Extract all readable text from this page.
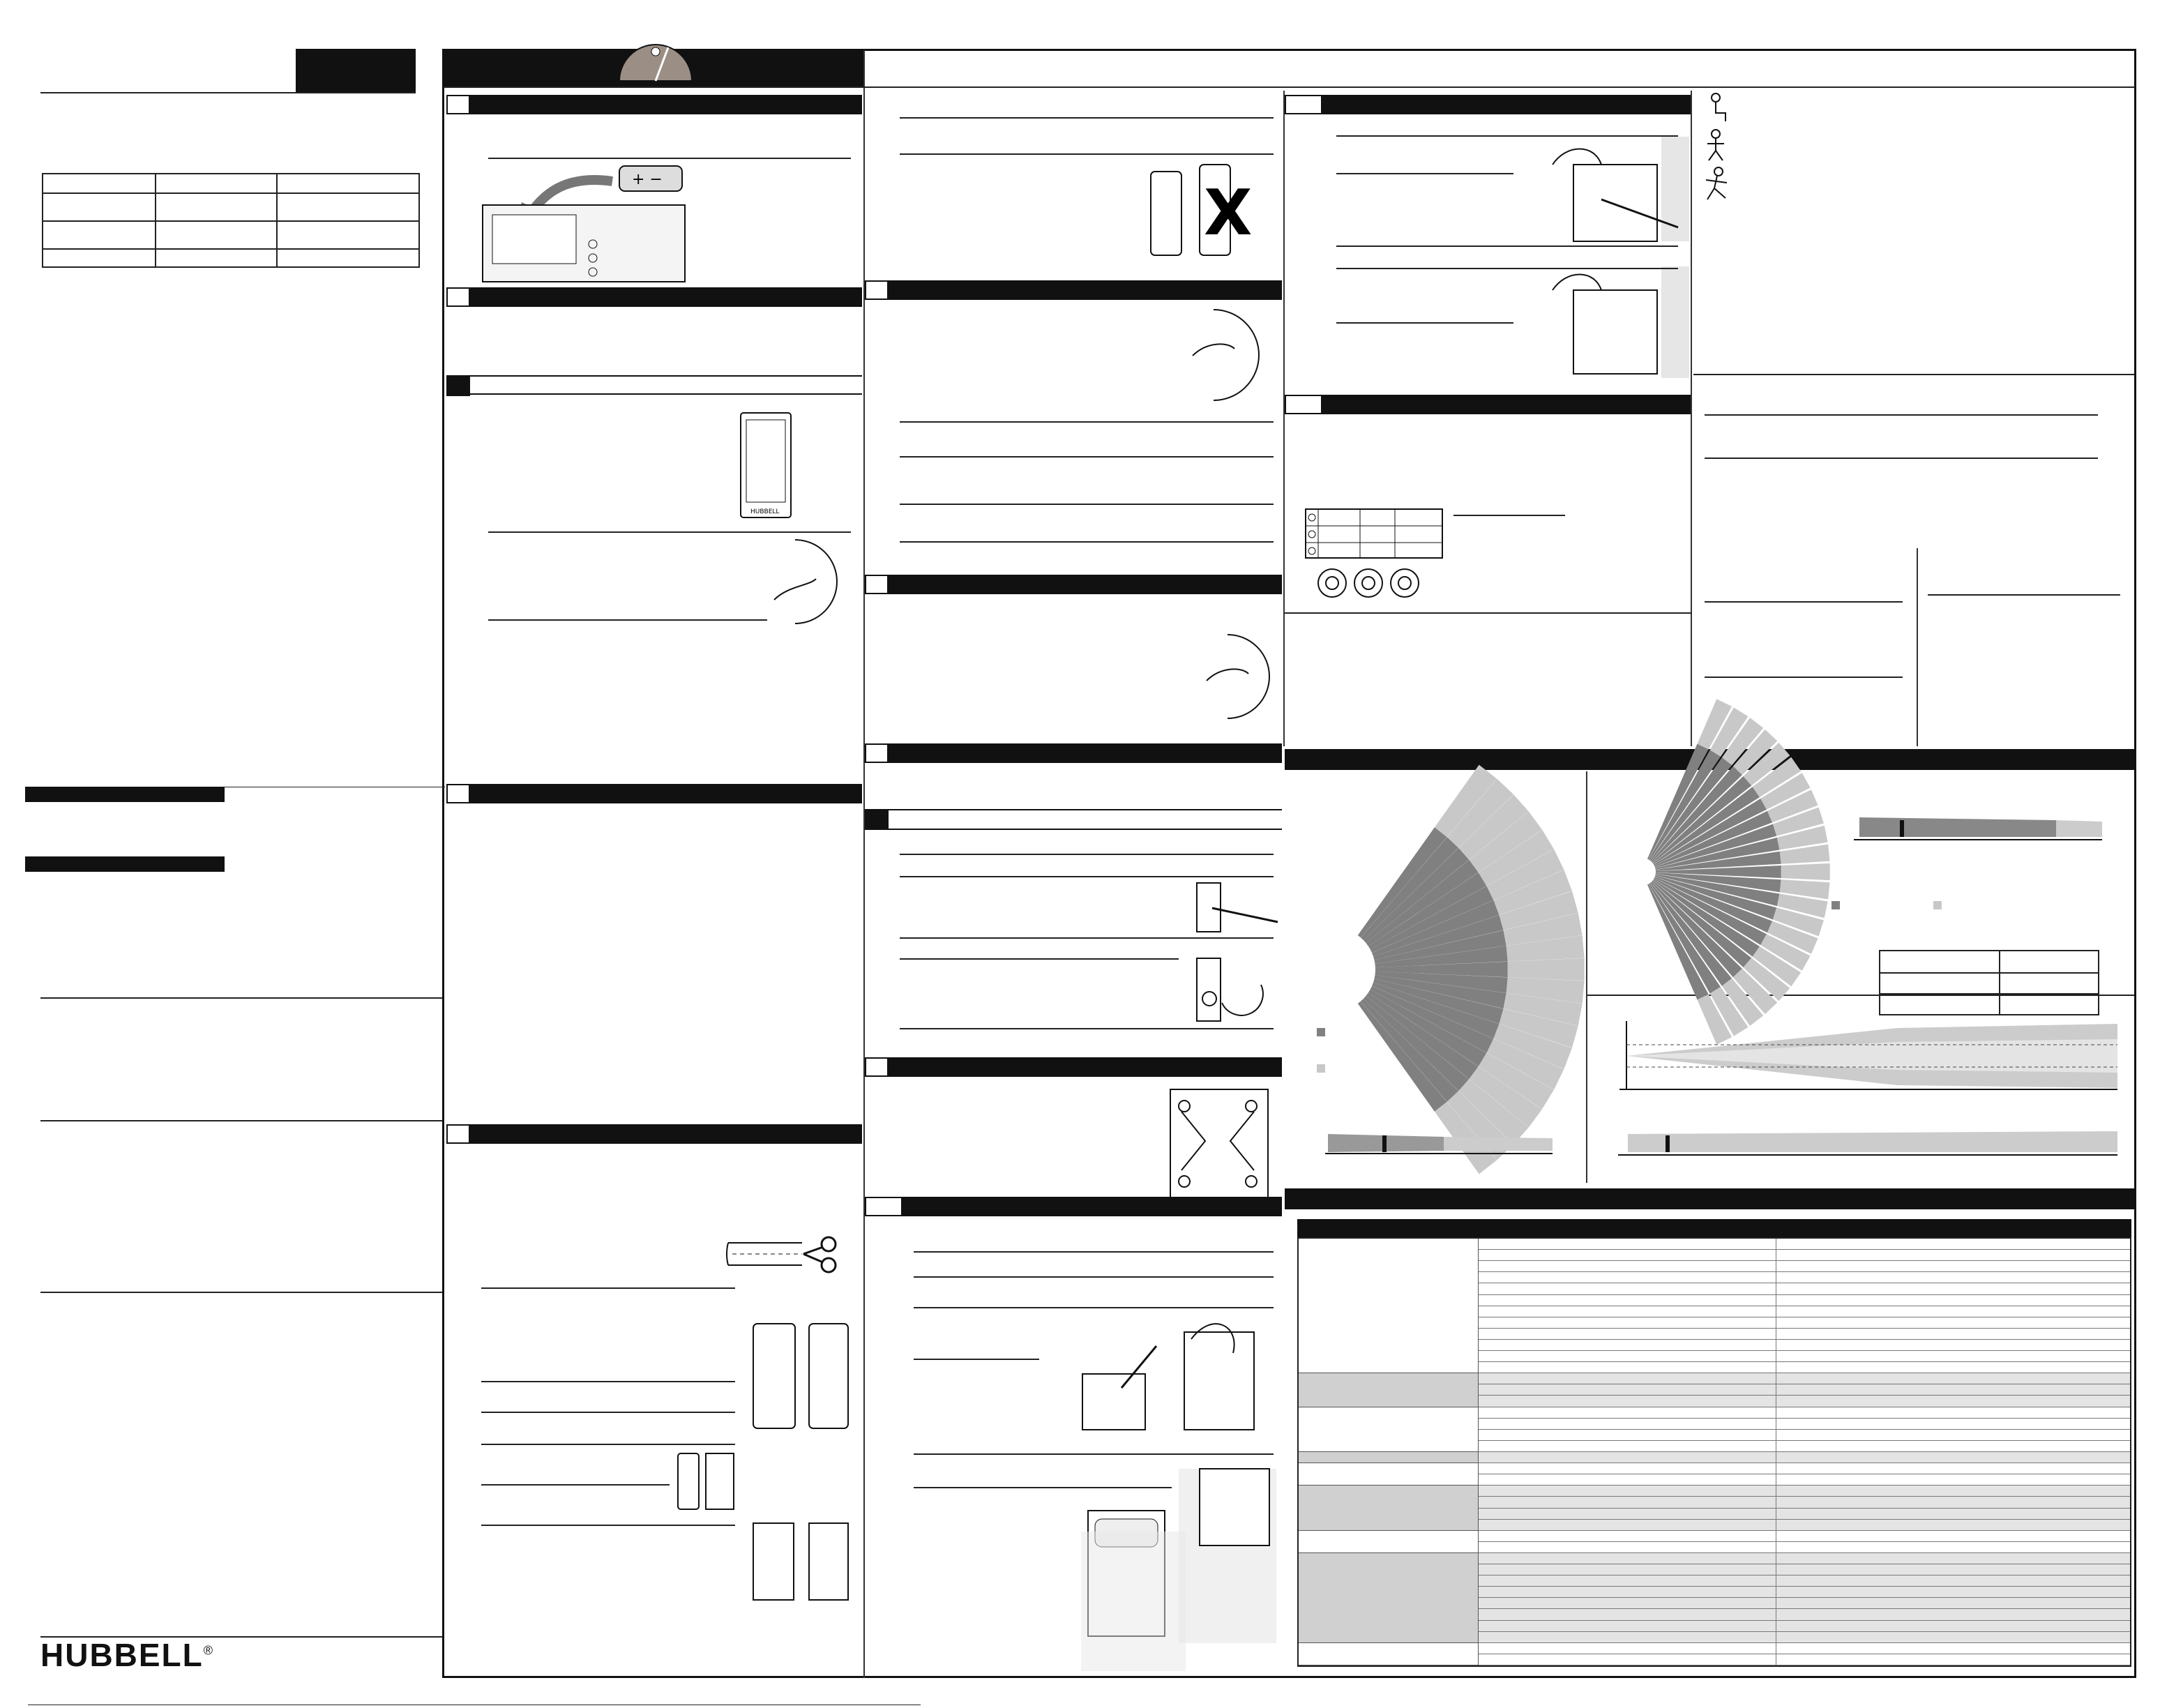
HUBBELL®
+ −
HUBBELL
X
